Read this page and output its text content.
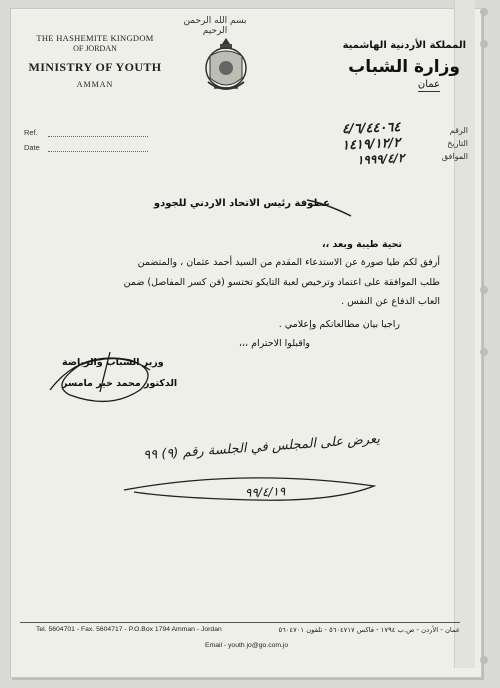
THE HASHEMITE KINGDOM
OF JORDAN
MINISTRY OF YOUTH
AMMAN
Ref.
Date
بسم الله الرحمن الرحيم
المملكة الأردنية الهاشمية
وزارة الشباب
عمان
الرقم
التاريخ
الموافق
٤/٦/٤٤٠٦٤
١٤١٩/١٢/٢
١٩٩٩/٤/٢
عطوفة رئيس الاتحاد الاردني للجودو
تحية طيبة وبعد ،،
أرفق لكم طيا صورة عن الاستدعاء المقدم من السيد أحمد عثمان ، والمتضمن
طلب الموافقة على اعتماد وترخيص لعبة التايكو تختسو (فن كسر المفاصل) ضمن
العاب الدفاع عن النفس .
راجيا بيان مطالعاتكم وإعلامي .
واقبلوا الاحترام ،،،
وزير الشباب والرياضة
الدكتور محمد خير مامسر
يعرض على المجلس في الجلسة رقم (٩) ٩٩
٩٩/٤/١٩
Tel. 5604701 - Fax. 5604717 - P.O.Box 1794 Amman - Jordan	عمان - الأردن - ص.ب ١٧٩٤ - فاكس ٥٦٠٤٧١٧ - تلفون ٥٦٠٤٧٠١
Email - youth jo@go.com.jo
